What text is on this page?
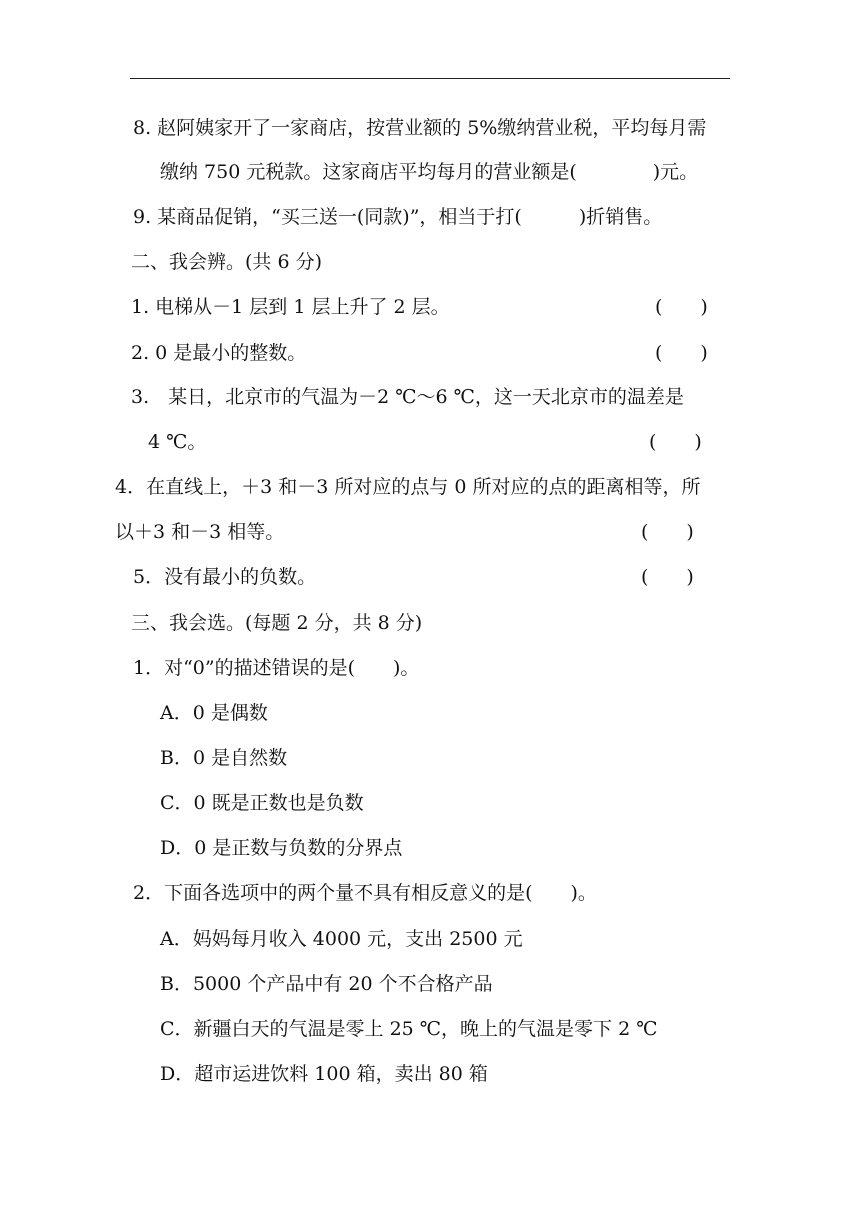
8. 赵阿姨家开了一家商店，按营业额的 5%缴纳营业税，平均每月需
缴纳 750 元税款。这家商店平均每月的营业额是(　　　　)元。
9. 某商品促销，“买三送一(同款)”，相当于打(　　　)折销售。
二、我会辨。(共 6 分)
1. 电梯从－1 层到 1 层上升了 2 层。	(　　)
2. 0 是最小的整数。	(　　)
3.　某日，北京市的气温为－2 ℃～6 ℃，这一天北京市的温差是
4 ℃。	(　　)
4．在直线上，＋3 和－3 所对应的点与 0 所对应的点的距离相等，所
以＋3 和－3 相等。	(　　)
5．没有最小的负数。	(　　)
三、我会选。(每题 2 分，共 8 分)
1．对“0”的描述错误的是(　　)。
A．0 是偶数
B．0 是自然数
C．0 既是正数也是负数
D．0 是正数与负数的分界点
2．下面各选项中的两个量不具有相反意义的是(　　)。
A．妈妈每月收入 4000 元，支出 2500 元
B．5000 个产品中有 20 个不合格产品
C．新疆白天的气温是零上 25 ℃，晚上的气温是零下 2 ℃
D．超市运进饮料 100 箱，卖出 80 箱
